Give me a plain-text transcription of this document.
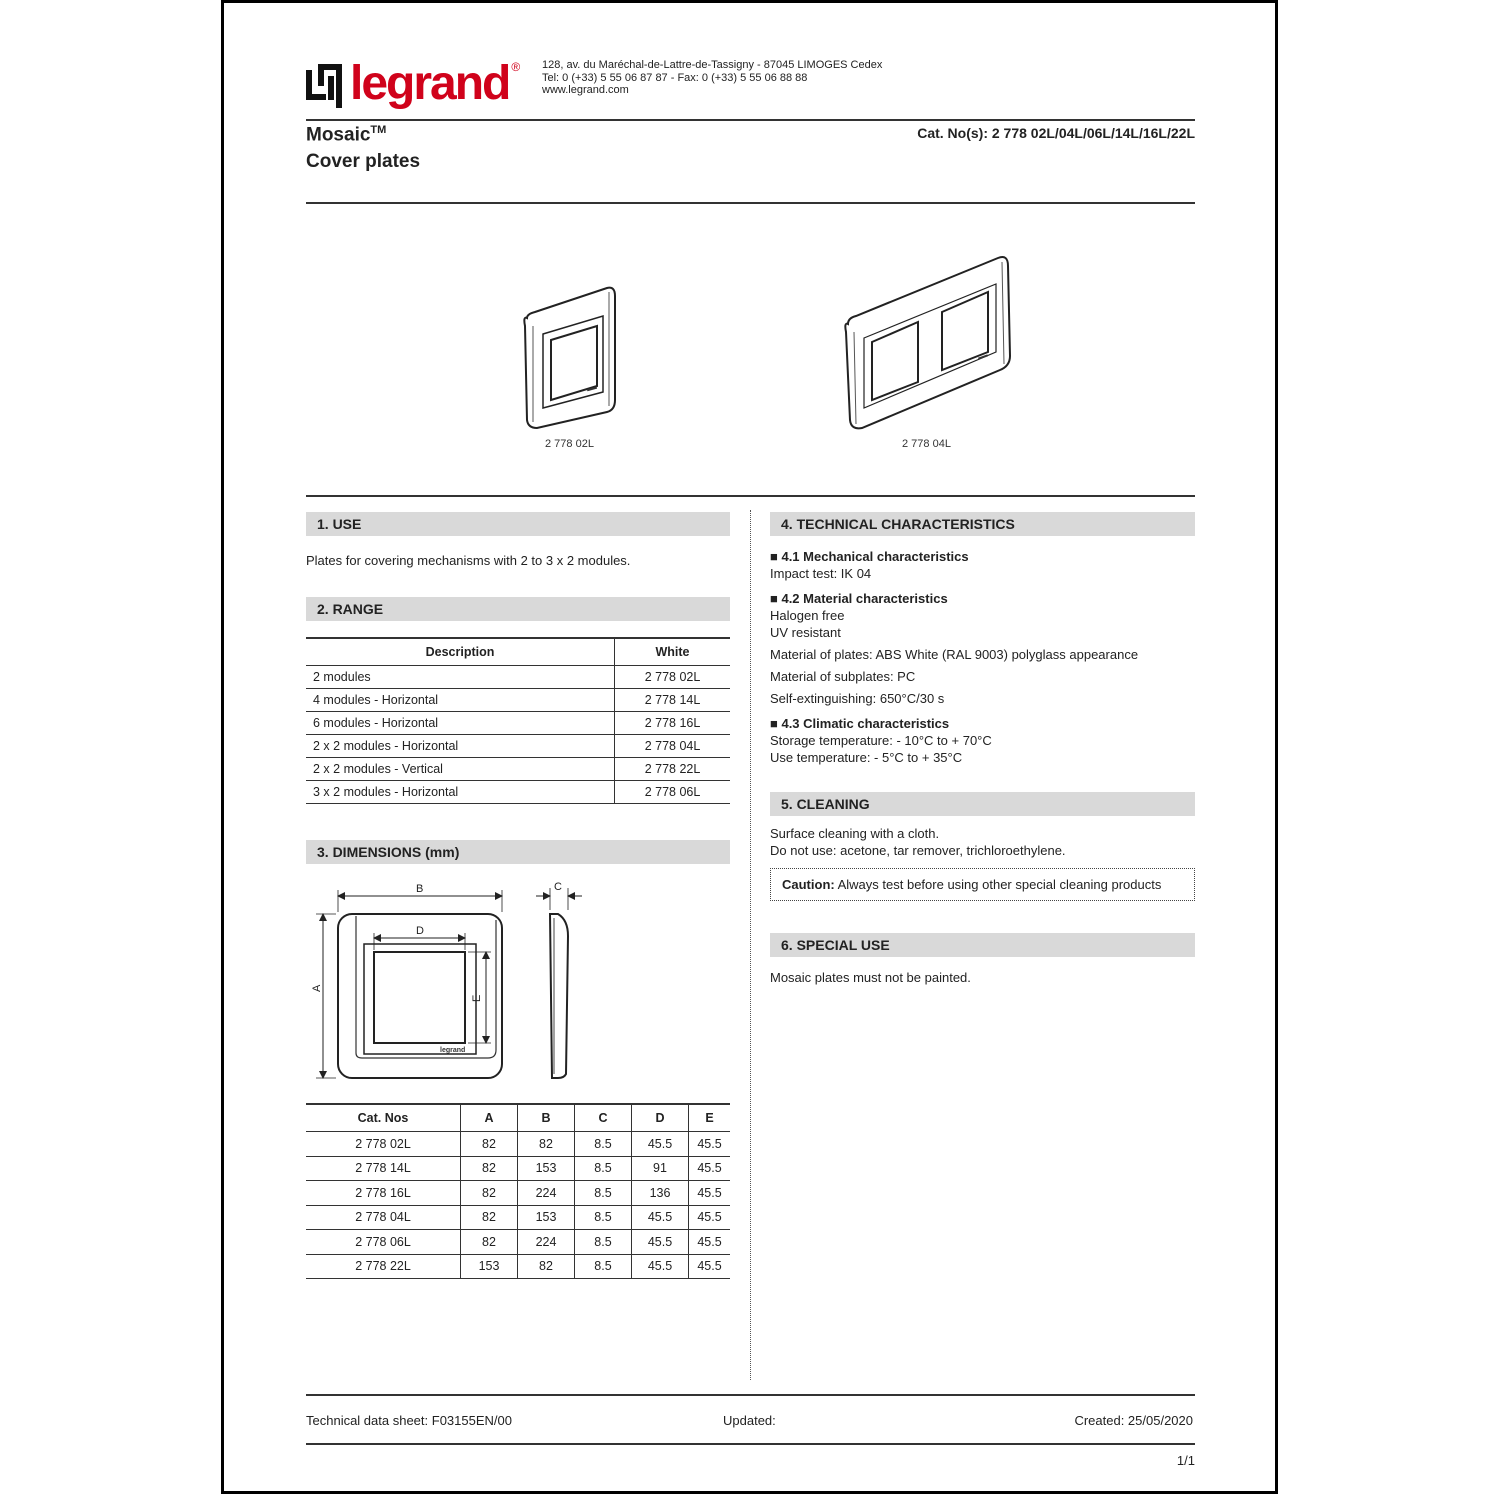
legrand ® 128, av. du Maréchal-de-Lattre-de-Tassigny - 87045 LIMOGES Cedex
Tel: 0 (+33) 5 55 06 87 87 - Fax: 0 (+33) 5 55 06 88 88
www.legrand.com
Mosaic™
Cover plates
Cat. No(s): 2 778 02L/04L/06L/14L/16L/22L
2 778 02L	2 778 04L
1. USE
Plates for covering mechanisms with 2 to 3 x 2 modules.
2. RANGE
Description	White
2 modules	2 778 02L
4 modules - Horizontal	2 778 14L
6 modules - Horizontal	2 778 16L
2 x 2 modules - Horizontal	2 778 04L
2 x 2 modules - Vertical	2 778 22L
3 x 2 modules - Horizontal	2 778 06L
3. DIMENSIONS (mm)
legrand
B
A
D
E
C
Cat. Nos	A	B	C	D	E
2 778 02L	82	82	8.5	45.5	45.5
2 778 14L	82	153	8.5	91	45.5
2 778 16L	82	224	8.5	136	45.5
2 778 04L	82	153	8.5	45.5	45.5
2 778 06L	82	224	8.5	45.5	45.5
2 778 22L	153	82	8.5	45.5	45.5
4. TECHNICAL CHARACTERISTICS
■ 4.1 Mechanical characteristics
Impact test: IK 04
■ 4.2 Material characteristics
Halogen free
UV resistant
Material of plates: ABS White (RAL 9003) polyglass appearance
Material of subplates: PC
Self-extinguishing: 650°C/30 s
■ 4.3 Climatic characteristics
Storage temperature: - 10°C to + 70°C
Use temperature: - 5°C to + 35°C
5. CLEANING
Surface cleaning with a cloth.
Do not use: acetone, tar remover, trichloroethylene.
Caution: Always test before using other special cleaning products
6. SPECIAL USE
Mosaic plates must not be painted.
Technical data sheet: F03155EN/00	Updated:	Created: 25/05/2020
1/1
